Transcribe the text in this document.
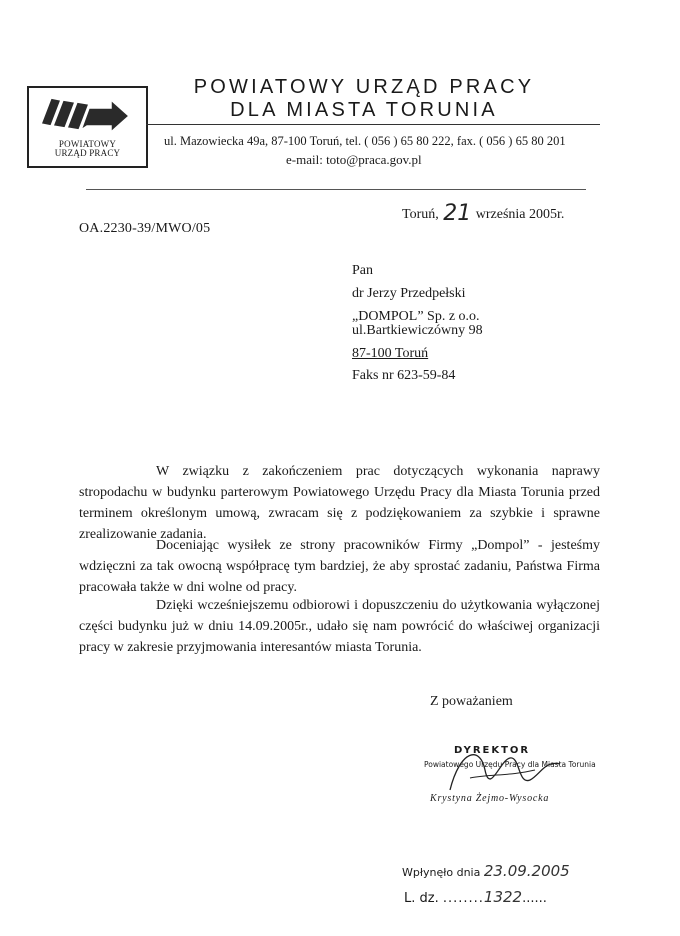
POWIATOWY
URZĄD PRACY
POWIATOWY URZĄD PRACY
DLA MIASTA TORUNIA
ul. Mazowiecka 49a, 87-100 Toruń, tel. ( 056 ) 65 80 222, fax. ( 056 ) 65 80 201
e-mail: toto@praca.gov.pl
Toruń, 21 września 2005r.
OA.2230-39/MWO/05
Pan
dr Jerzy Przedpełski
„DOMPOL” Sp. z o.o.
ul.Bartkiewiczówny 98
87-100 Toruń
Faks nr 623-59-84
W związku z zakończeniem prac dotyczących wykonania naprawy stropodachu w budynku parterowym Powiatowego Urzędu Pracy dla Miasta Torunia przed terminem określonym umową, zwracam się z podziękowaniem za szybkie i sprawne zrealizowanie zadania.
Doceniając wysiłek ze strony pracowników Firmy „Dompol” - jesteśmy wdzięczni za tak owocną współpracę tym bardziej, że aby sprostać zadaniu, Państwa Firma pracowała także w dni wolne od pracy.
Dzięki wcześniejszemu odbiorowi i dopuszczeniu do użytkowania wyłączonej części budynku już w dniu 14.09.2005r., udało się nam powrócić do właściwej organizacji pracy w zakresie przyjmowania interesantów miasta Torunia.
Z poważaniem
DYREKTOR
Powiatowego Urzędu Pracy dla Miasta Torunia
Krystyna Żejmo-Wysocka
Wpłynęło dnia 23.09.2005
L. dz. ........1322......
